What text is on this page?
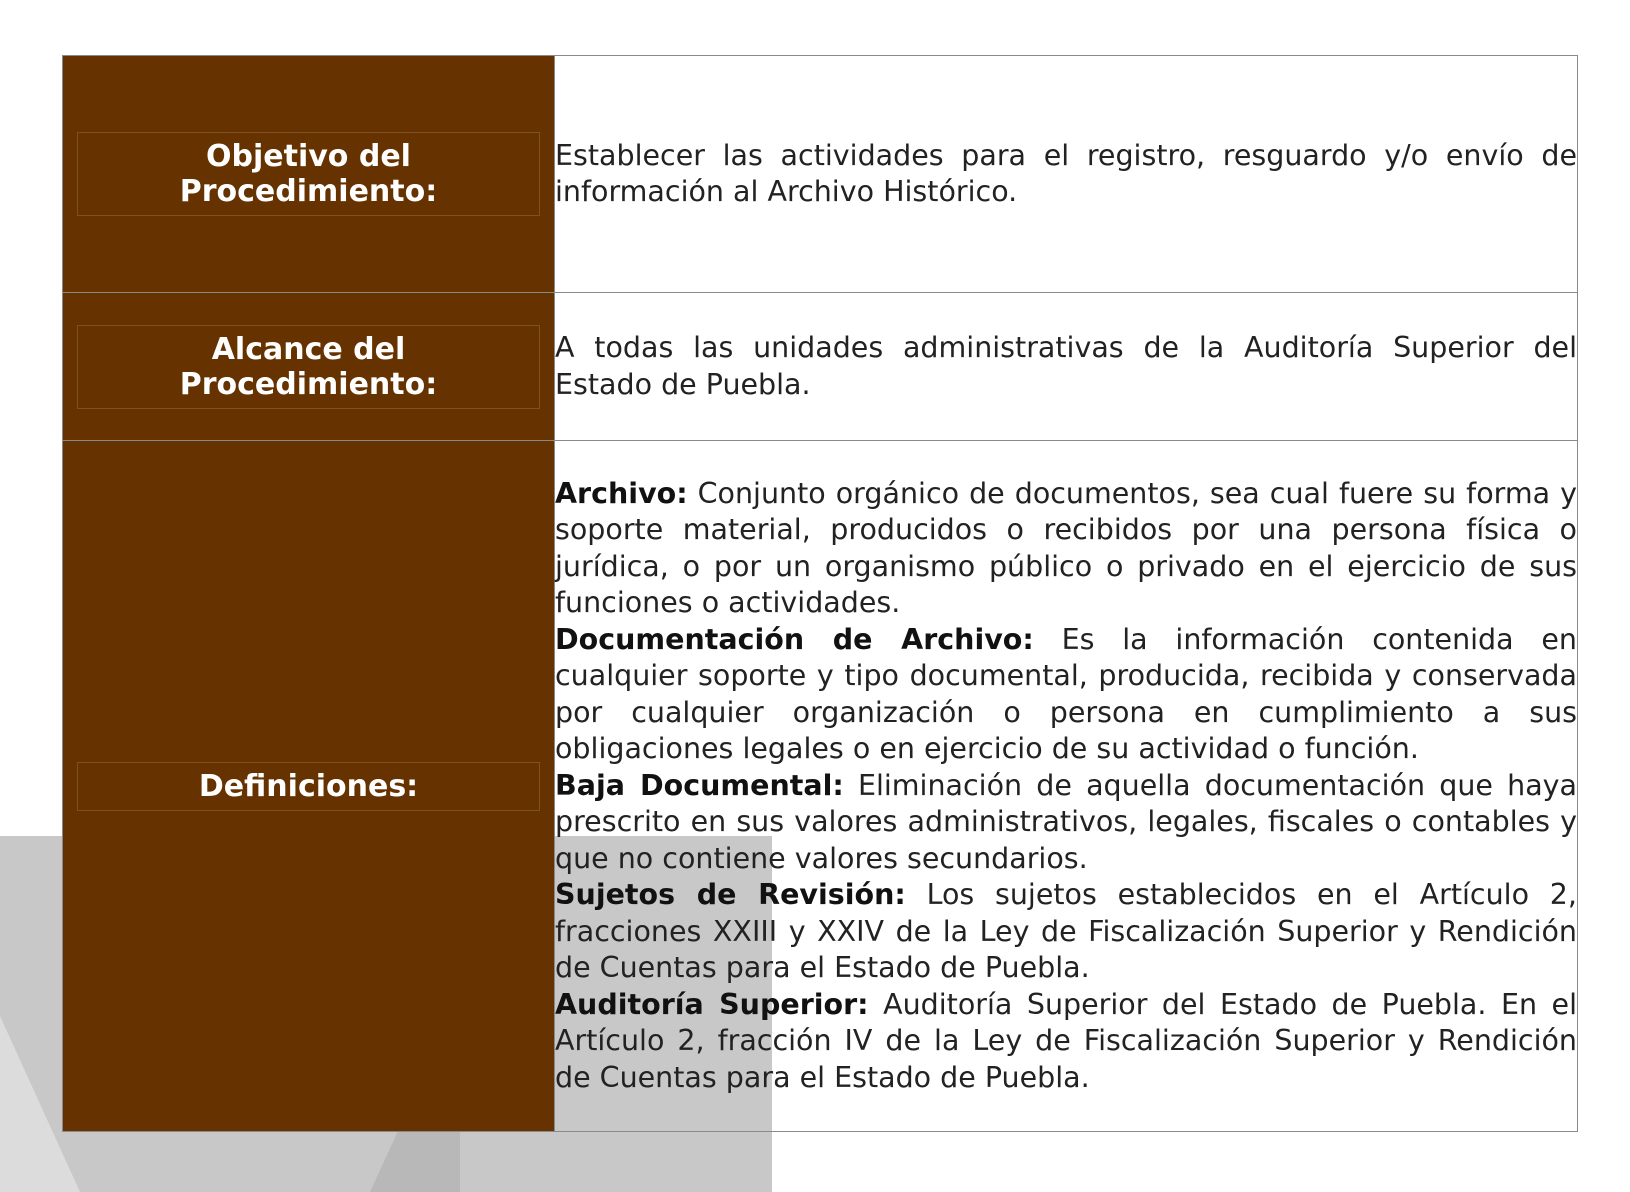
Objetivo del Procedimiento:	Establecer las actividades para el registro, resguardo y/o envío de información al Archivo Histórico.

Alcance del Procedimiento:	A todas las unidades administrativas de la Auditoría Superior del Estado de Puebla.

Definiciones:	Archivo: Conjunto orgánico de documentos, sea cual fuere su forma y soporte material, producidos o recibidos por una persona física o jurídica, o por un organismo público o privado en el ejercicio de sus funciones o actividades.

Documentación de Archivo: Es la información contenida en cualquier soporte y tipo documental, producida, recibida y conservada por cualquier organización o persona en cumplimiento a sus obligaciones legales o en ejercicio de su actividad o función.

Baja Documental: Eliminación de aquella documentación que haya prescrito en sus valores administrativos, legales, fiscales o contables y que no contiene valores secundarios.

Sujetos de Revisión: Los sujetos establecidos en el Artículo 2, fracciones XXIII y XXIV de la Ley de Fiscalización Superior y Rendición de Cuentas para el Estado de Puebla.

Auditoría Superior: Auditoría Superior del Estado de Puebla. En el Artículo 2, fracción IV de la Ley de Fiscalización Superior y Rendición de Cuentas para el Estado de Puebla.
